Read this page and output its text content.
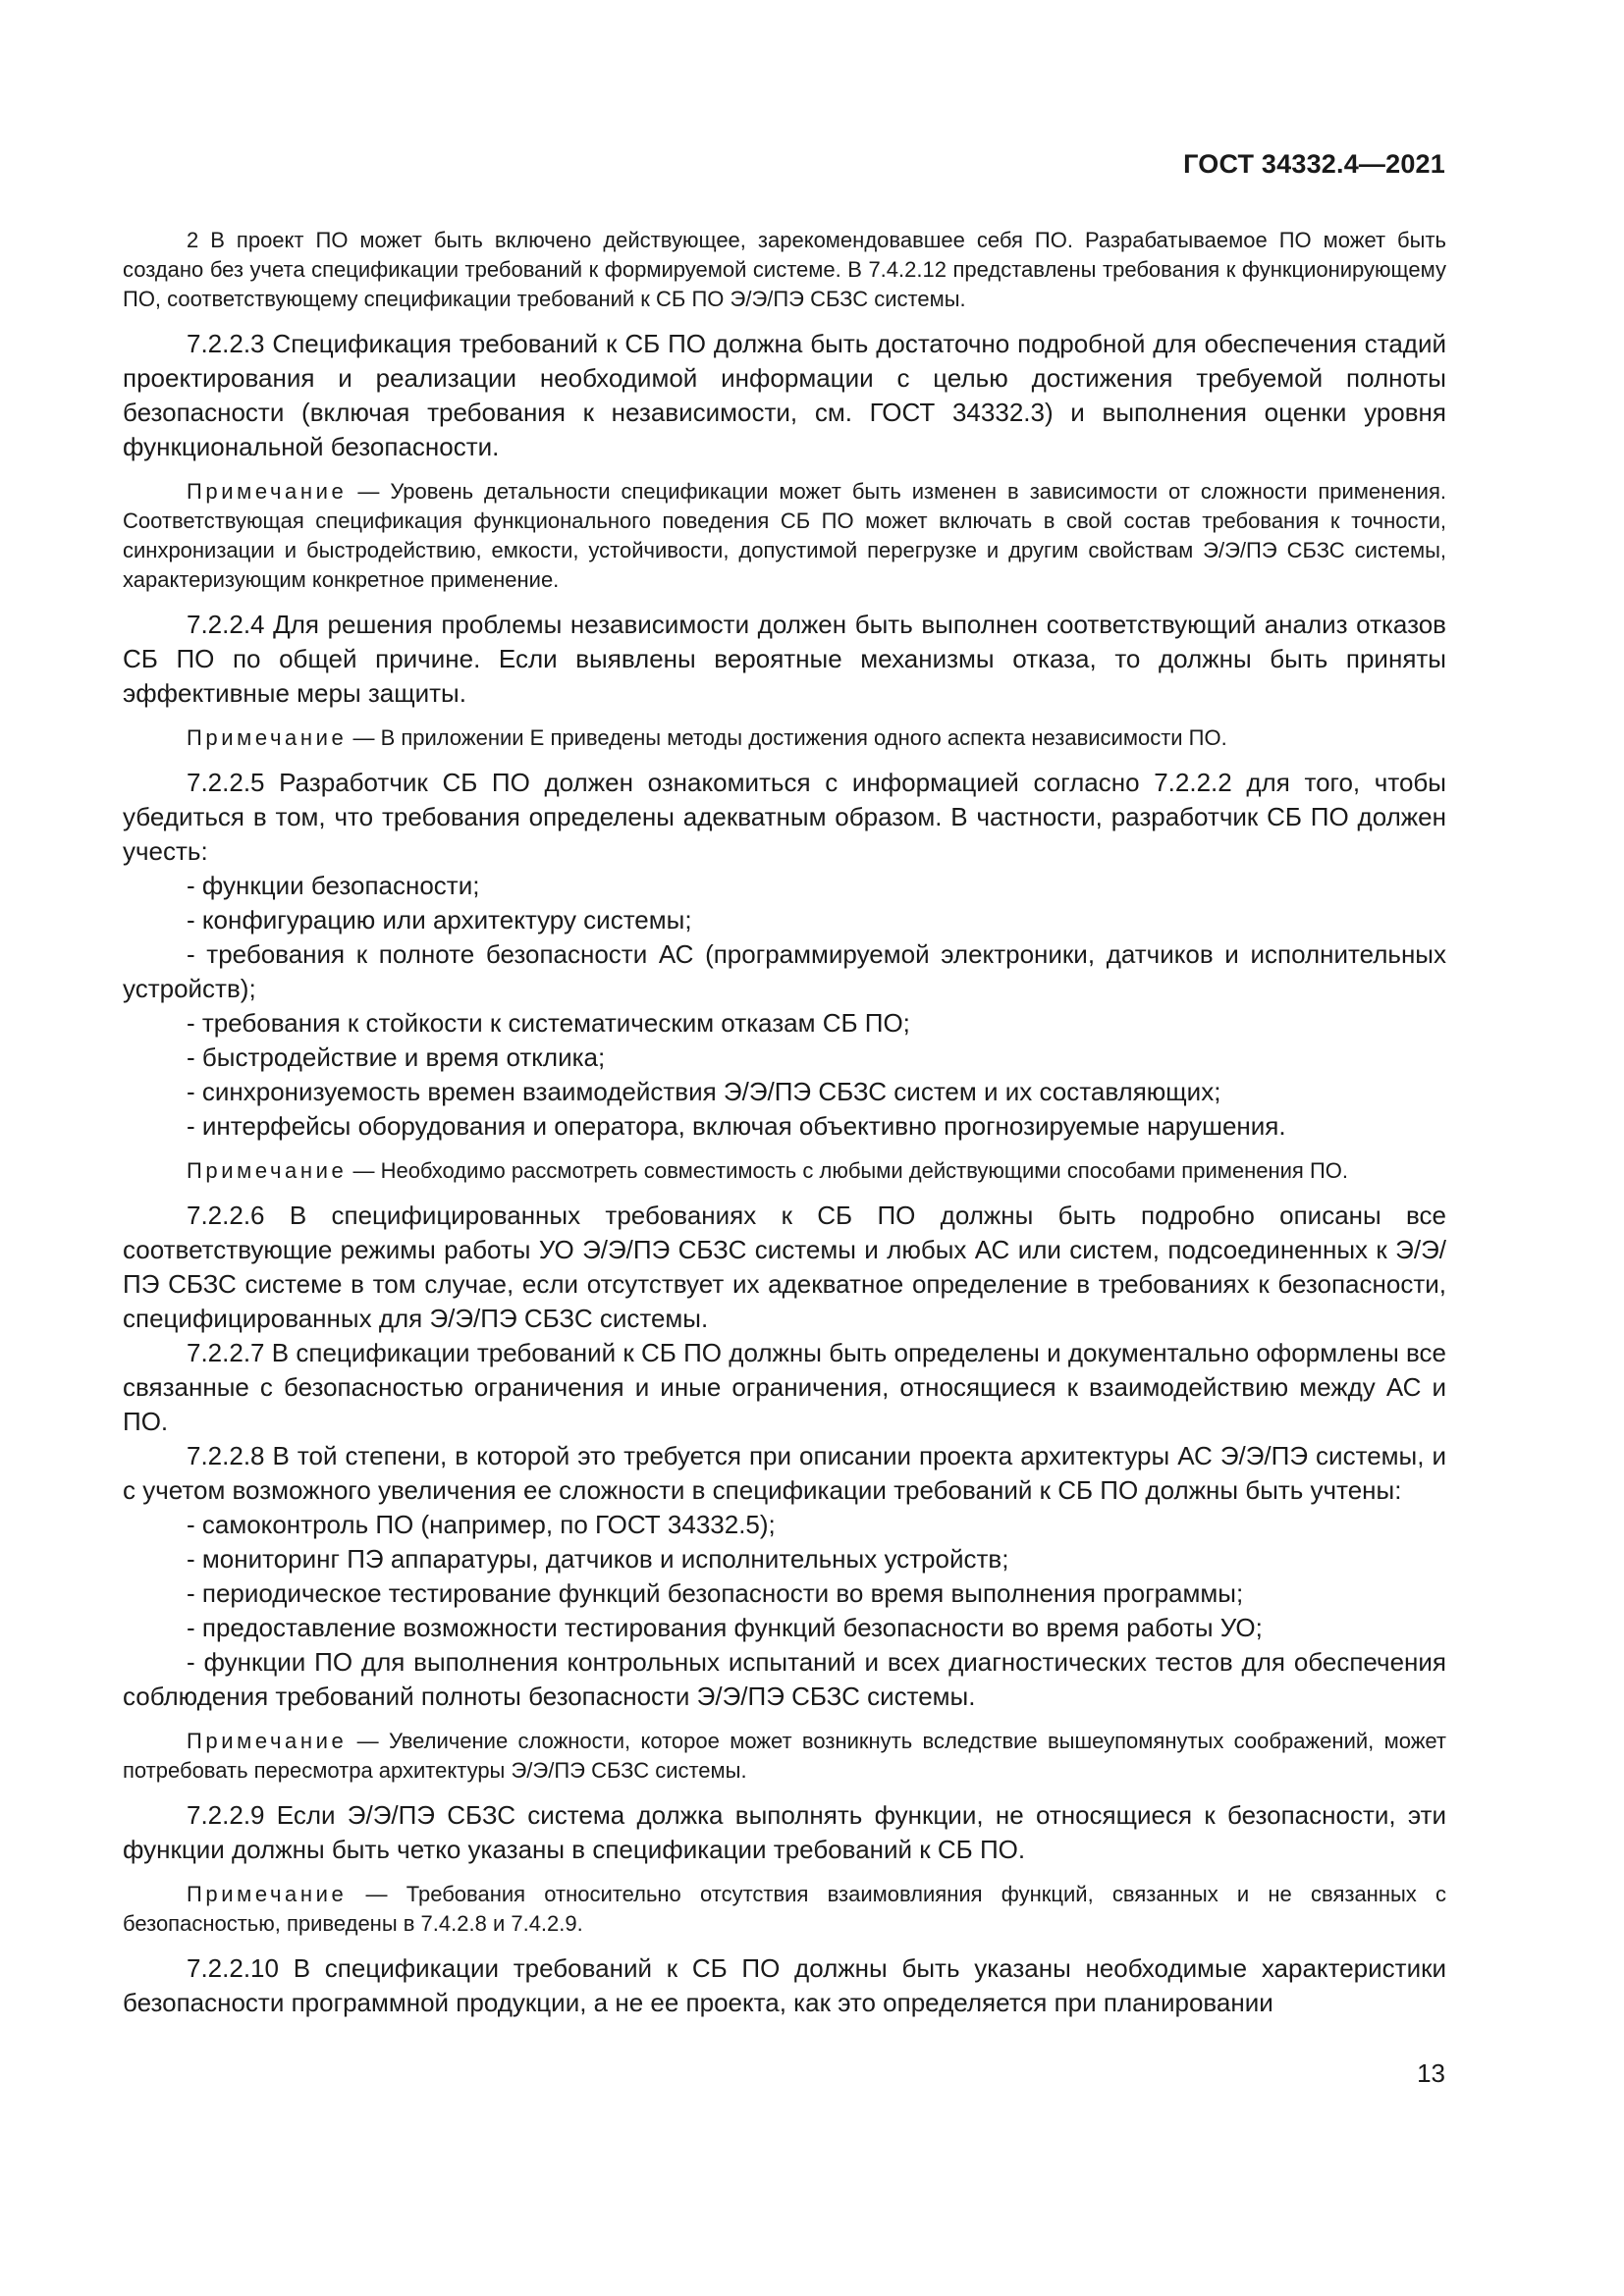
ГОСТ 34332.4—2021

2 В проект ПО может быть включено действующее, зарекомендовавшее себя ПО. Разрабатываемое ПО может быть создано без учета спецификации требований к формируемой системе. В 7.4.2.12 представлены требования к функционирующему ПО, соответствующему спецификации требований к СБ ПО Э/Э/ПЭ СБЗС системы.

7.2.2.3 Спецификация требований к СБ ПО должна быть достаточно подробной для обеспечения стадий проектирования и реализации необходимой информации с целью достижения требуемой полноты безопасности (включая требования к независимости, см. ГОСТ 34332.3) и выполнения оценки уровня функциональной безопасности.

Примечание — Уровень детальности спецификации может быть изменен в зависимости от сложности применения. Соответствующая спецификация функционального поведения СБ ПО может включать в свой состав требования к точности, синхронизации и быстродействию, емкости, устойчивости, допустимой перегрузке и другим свойствам Э/Э/ПЭ СБЗС системы, характеризующим конкретное применение.

7.2.2.4 Для решения проблемы независимости должен быть выполнен соответствующий анализ отказов СБ ПО по общей причине. Если выявлены вероятные механизмы отказа, то должны быть приняты эффективные меры защиты.

Примечание — В приложении Е приведены методы достижения одного аспекта независимости ПО.

7.2.2.5 Разработчик СБ ПО должен ознакомиться с информацией согласно 7.2.2.2 для того, чтобы убедиться в том, что требования определены адекватным образом. В частности, разработчик СБ ПО должен учесть:

- функции безопасности;

- конфигурацию или архитектуру системы;

- требования к полноте безопасности АС (программируемой электроники, датчиков и исполнительных устройств);

- требования к стойкости к систематическим отказам СБ ПО;

- быстродействие и время отклика;

- синхронизуемость времен взаимодействия Э/Э/ПЭ СБЗС систем и их составляющих;

- интерфейсы оборудования и оператора, включая объективно прогнозируемые нарушения.

Примечание — Необходимо рассмотреть совместимость с любыми действующими способами применения ПО.

7.2.2.6 В специфицированных требованиях к СБ ПО должны быть подробно описаны все соответствующие режимы работы УО Э/Э/ПЭ СБЗС системы и любых АС или систем, подсоединенных к Э/Э/ПЭ СБЗС системе в том случае, если отсутствует их адекватное определение в требованиях к безопасности, специфицированных для Э/Э/ПЭ СБЗС системы.

7.2.2.7 В спецификации требований к СБ ПО должны быть определены и документально оформлены все связанные с безопасностью ограничения и иные ограничения, относящиеся к взаимодействию между АС и ПО.

7.2.2.8 В той степени, в которой это требуется при описании проекта архитектуры АС Э/Э/ПЭ системы, и с учетом возможного увеличения ее сложности в спецификации требований к СБ ПО должны быть учтены:

- самоконтроль ПО (например, по ГОСТ 34332.5);

- мониторинг ПЭ аппаратуры, датчиков и исполнительных устройств;

- периодическое тестирование функций безопасности во время выполнения программы;

- предоставление возможности тестирования функций безопасности во время работы УО;

- функции ПО для выполнения контрольных испытаний и всех диагностических тестов для обеспечения соблюдения требований полноты безопасности Э/Э/ПЭ СБЗС системы.

Примечание — Увеличение сложности, которое может возникнуть вследствие вышеупомянутых соображений, может потребовать пересмотра архитектуры Э/Э/ПЭ СБЗС системы.

7.2.2.9 Если Э/Э/ПЭ СБЗС система должка выполнять функции, не относящиеся к безопасности, эти функции должны быть четко указаны в спецификации требований к СБ ПО.

Примечание — Требования относительно отсутствия взаимовлияния функций, связанных и не связанных с безопасностью, приведены в 7.4.2.8 и 7.4.2.9.

7.2.2.10 В спецификации требований к СБ ПО должны быть указаны необходимые характеристики безопасности программной продукции, а не ее проекта, как это определяется при планировании

13
